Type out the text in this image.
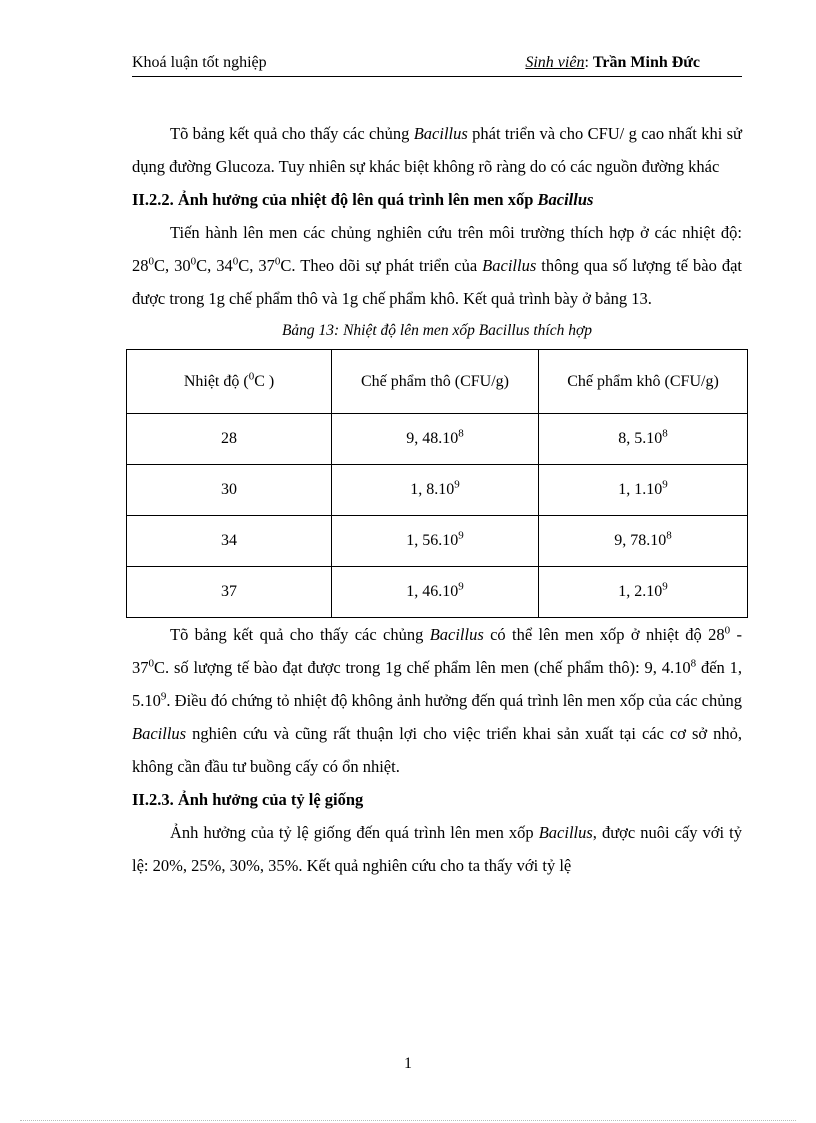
Khoá luận tốt nghiệp	Sinh viên: Trần Minh Đức

Tõ bảng kết quả cho thấy các chủng Bacillus phát triển và cho CFU/ g cao nhất khi sử dụng đường Glucoza. Tuy nhiên sự khác biệt không rõ ràng do có các nguồn đường khác

II.2.2. Ảnh hưởng của nhiệt độ lên quá trình lên men xốp Bacillus

Tiến hành lên men các chủng nghiên cứu trên môi trường thích hợp ở các nhiệt độ: $28^0C$, $30^0C$, $34^0C$, $37^0C$. Theo dõi sự phát triển của Bacillus thông qua số lượng tế bào đạt được trong 1g chế phẩm thô và 1g chế phẩm khô. Kết quả trình bày ở bảng 13.

Bảng 13: Nhiệt độ lên men xốp Bacillus thích hợp
Nhiệt độ ($^0$C )	Chế phẩm thô (CFU/g)	Chế phẩm khô (CFU/g)
28	9, 48.10$^8$	8, 5.10$^8$
30	1, 8.10$^9$	1, 1.10$^9$
34	1, 56.10$^9$	9, 78.10$^8$
37	1, 46.10$^9$	1, 2.10$^9$

Tõ bảng kết quả cho thấy các chủng Bacillus có thể lên men xốp ở nhiệt độ $28^0 - 37^0C$. số lượng tế bào đạt được trong 1g chế phẩm lên men (chế phẩm thô): 9, 4.10$^8$ đến 1, 5.10$^9$. Điều đó chứng tỏ nhiệt độ không ảnh hưởng đến quá trình lên men xốp của các chủng Bacillus nghiên cứu và cũng rất thuận lợi cho việc triển khai sản xuất tại các cơ sở nhỏ, không cần đầu tư buồng cấy có ổn nhiệt.

II.2.3. Ảnh hưởng của tỷ lệ giống

Ảnh hưởng của tỷ lệ giống đến quá trình lên men xốp Bacillus, được nuôi cấy với tỷ lệ: 20%, 25%, 30%, 35%. Kết quả nghiên cứu cho ta thấy với tỷ lệ

1
